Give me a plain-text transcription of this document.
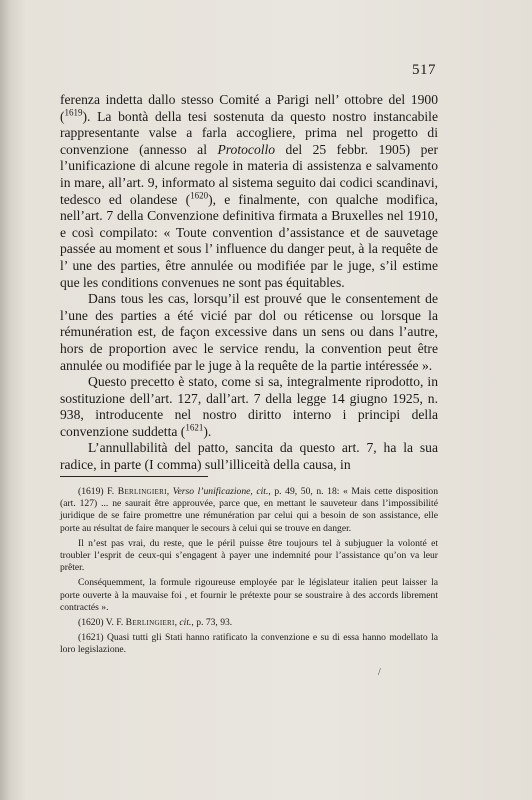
517

ferenza indetta dallo stesso Comité a Parigi nell’ ottobre del 1900 ($^{1619}$). La bontà della tesi sostenuta da questo nostro instancabile rappresentante valse a farla accogliere, prima nel progetto di convenzione (annesso al Protocollo del 25 febbr. 1905) per l’unificazione di alcune regole in materia di assistenza e salvamento in mare, all’art. 9, informato al sistema seguito dai codici scandinavi, tedesco ed olandese ($^{1620}$), e finalmente, con qualche modifica, nell’art. 7 della Convenzione definitiva firmata a Bruxelles nel 1910, e così compilato: « Toute convention d’assistance et de sauvetage passée au moment et sous l’ influence du danger peut, à la requête de l’ une des parties, être annulée ou modifiée par le juge, s’il estime que les conditions convenues ne sont pas équitables.

Dans tous les cas, lorsqu’il est prouvé que le consentement de l’une des parties a été vicié par dol ou réticense ou lorsque la rémunération est, de façon excessive dans un sens ou dans l’autre, hors de proportion avec le service rendu, la convention peut être annulée ou modifiée par le juge à la requête de la partie intéressée ».

Questo precetto è stato, come si sa, integralmente riprodotto, in sostituzione dell’art. 127, dall’art. 7 della legge 14 giugno 1925, n. 938, introducente nel nostro diritto interno i principi della convenzione suddetta ($^{1621}$).

L’annullabilità del patto, sancita da questo art. 7, ha la sua radice, in parte (I comma) sull’illiceità della causa, in

(1619) F. Berlingieri, Verso l’unificazione, cit., p. 49, 50, n. 18: « Mais cette disposition (art. 127) ... ne saurait être approuvée, parce que, en mettant le sauveteur dans l’impossibilité juridique de se faire promettre une rémunération par celui qui a besoin de son assistance, elle porte au résultat de faire manquer le secours à celui qui se trouve en danger.

Il n’est pas vrai, du reste, que le péril puisse être toujours tel à subjuguer la volonté et troubler l’esprit de ceux-qui s’engagent à payer une indemnité pour l’assistance qu’on va leur prêter.

Conséquemment, la formule rigoureuse employée par le législateur italien peut laisser la porte ouverte à la mauvaise foi , et fournir le prétexte pour se soustraire à des accords librement contractés ».

(1620) V. F. Berlingieri, cit., p. 73, 93.

(1621) Quasi tutti gli Stati hanno ratificato la convenzione e su di essa hanno modellato la loro legislazione.

/
